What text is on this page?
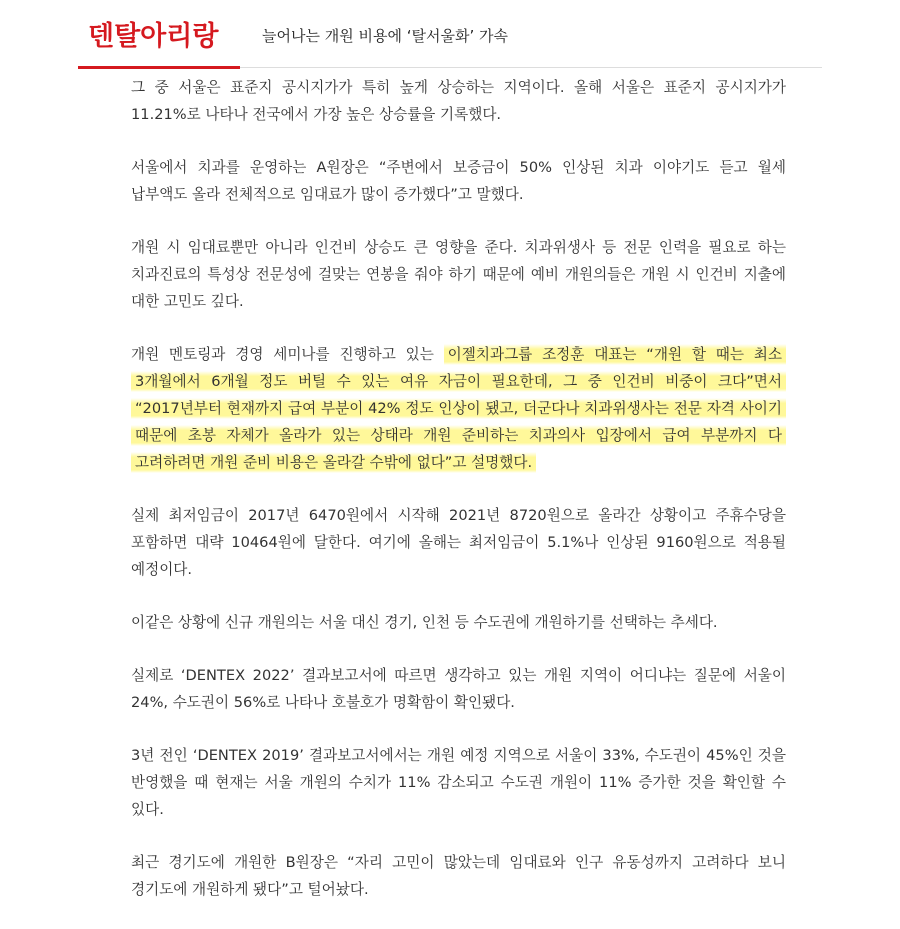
덴탈아리랑	늘어나는 개원 비용에 ‘탈서울화’ 가속

그 중 서울은 표준지 공시지가가 특히 높게 상승하는 지역이다. 올해 서울은 표준지 공시지가가 11.21%로 나타나 전국에서 가장 높은 상승률을 기록했다.

서울에서 치과를 운영하는 A원장은 “주변에서 보증금이 50% 인상된 치과 이야기도 듣고 월세 납부액도 올라 전체적으로 임대료가 많이 증가했다”고 말했다.

개원 시 임대료뿐만 아니라 인건비 상승도 큰 영향을 준다. 치과위생사 등 전문 인력을 필요로 하는 치과진료의 특성상 전문성에 걸맞는 연봉을 줘야 하기 때문에 예비 개원의들은 개원 시 인건비 지출에 대한 고민도 깊다.

개원 멘토링과 경영 세미나를 진행하고 있는 이젤치과그룹 조정훈 대표는 “개원 할 때는 최소 3개월에서 6개월 정도 버틸 수 있는 여유 자금이 필요한데, 그 중 인건비 비중이 크다”면서 “2017년부터 현재까지 급여 부분이 42% 정도 인상이 됐고, 더군다나 치과위생사는 전문 자격 사이기 때문에 초봉 자체가 올라가 있는 상태라 개원 준비하는 치과의사 입장에서 급여 부분까지 다 고려하려면 개원 준비 비용은 올라갈 수밖에 없다”고 설명했다.

실제 최저임금이 2017년 6470원에서 시작해 2021년 8720원으로 올라간 상황이고 주휴수당을 포함하면 대략 10464원에 달한다. 여기에 올해는 최저임금이 5.1%나 인상된 9160원으로 적용될 예정이다.

이같은 상황에 신규 개원의는 서울 대신 경기, 인천 등 수도권에 개원하기를 선택하는 추세다.

실제로 ‘DENTEX 2022’ 결과보고서에 따르면 생각하고 있는 개원 지역이 어디냐는 질문에 서울이 24%, 수도권이 56%로 나타나 호불호가 명확함이 확인됐다.

3년 전인 ‘DENTEX 2019’ 결과보고서에서는 개원 예정 지역으로 서울이 33%, 수도권이 45%인 것을 반영했을 때 현재는 서울 개원의 수치가 11% 감소되고 수도권 개원이 11% 증가한 것을 확인할 수 있다.

최근 경기도에 개원한 B원장은 “자리 고민이 많았는데 임대료와 인구 유동성까지 고려하다 보니 경기도에 개원하게 됐다”고 털어놨다.
